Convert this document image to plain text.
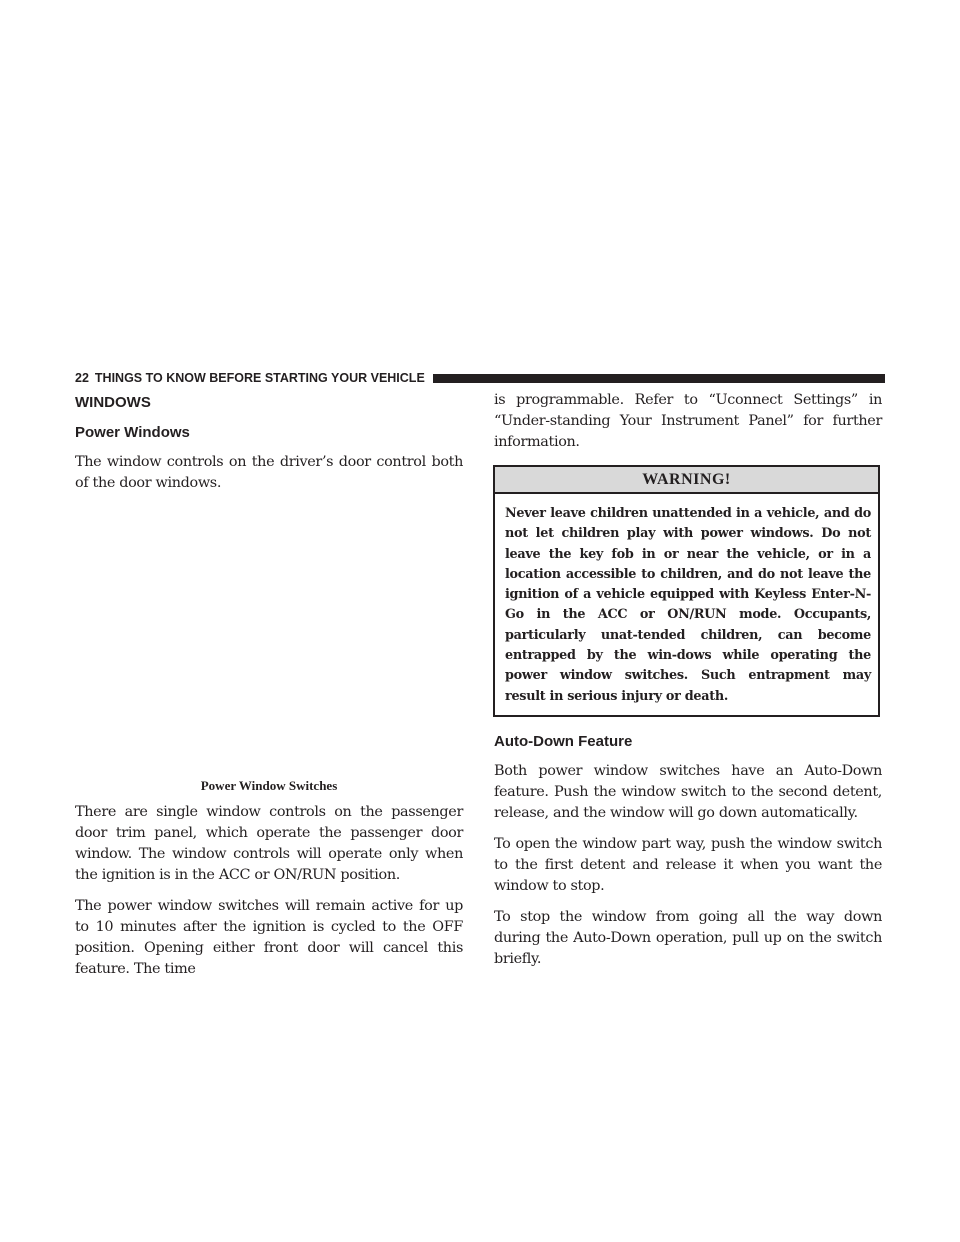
22 THINGS TO KNOW BEFORE STARTING YOUR VEHICLE
WINDOWS
Power Windows

The window controls on the driver’s door control both of the door windows.

Power Window Switches

There are single window controls on the passenger door trim panel, which operate the passenger door window. The window controls will operate only when the ignition is in the ACC or ON/RUN position.

The power window switches will remain active for up to 10 minutes after the ignition is cycled to the OFF position. Opening either front door will cancel this feature. The time

is programmable. Refer to “Uconnect Settings” in “Under-standing Your Instrument Panel” for further information.

WARNING!
Never leave children unattended in a vehicle, and do not let children play with power windows. Do not leave the key fob in or near the vehicle, or in a location accessible to children, and do not leave the ignition of a vehicle equipped with Keyless Enter-N-Go in the ACC or ON/RUN mode. Occupants, particularly unat-tended children, can become entrapped by the win-dows while operating the power window switches. Such entrapment may result in serious injury or death.
Auto-Down Feature

Both power window switches have an Auto-Down feature. Push the window switch to the second detent, release, and the window will go down automatically.

To open the window part way, push the window switch to the first detent and release it when you want the window to stop.

To stop the window from going all the way down during the Auto-Down operation, pull up on the switch briefly.
